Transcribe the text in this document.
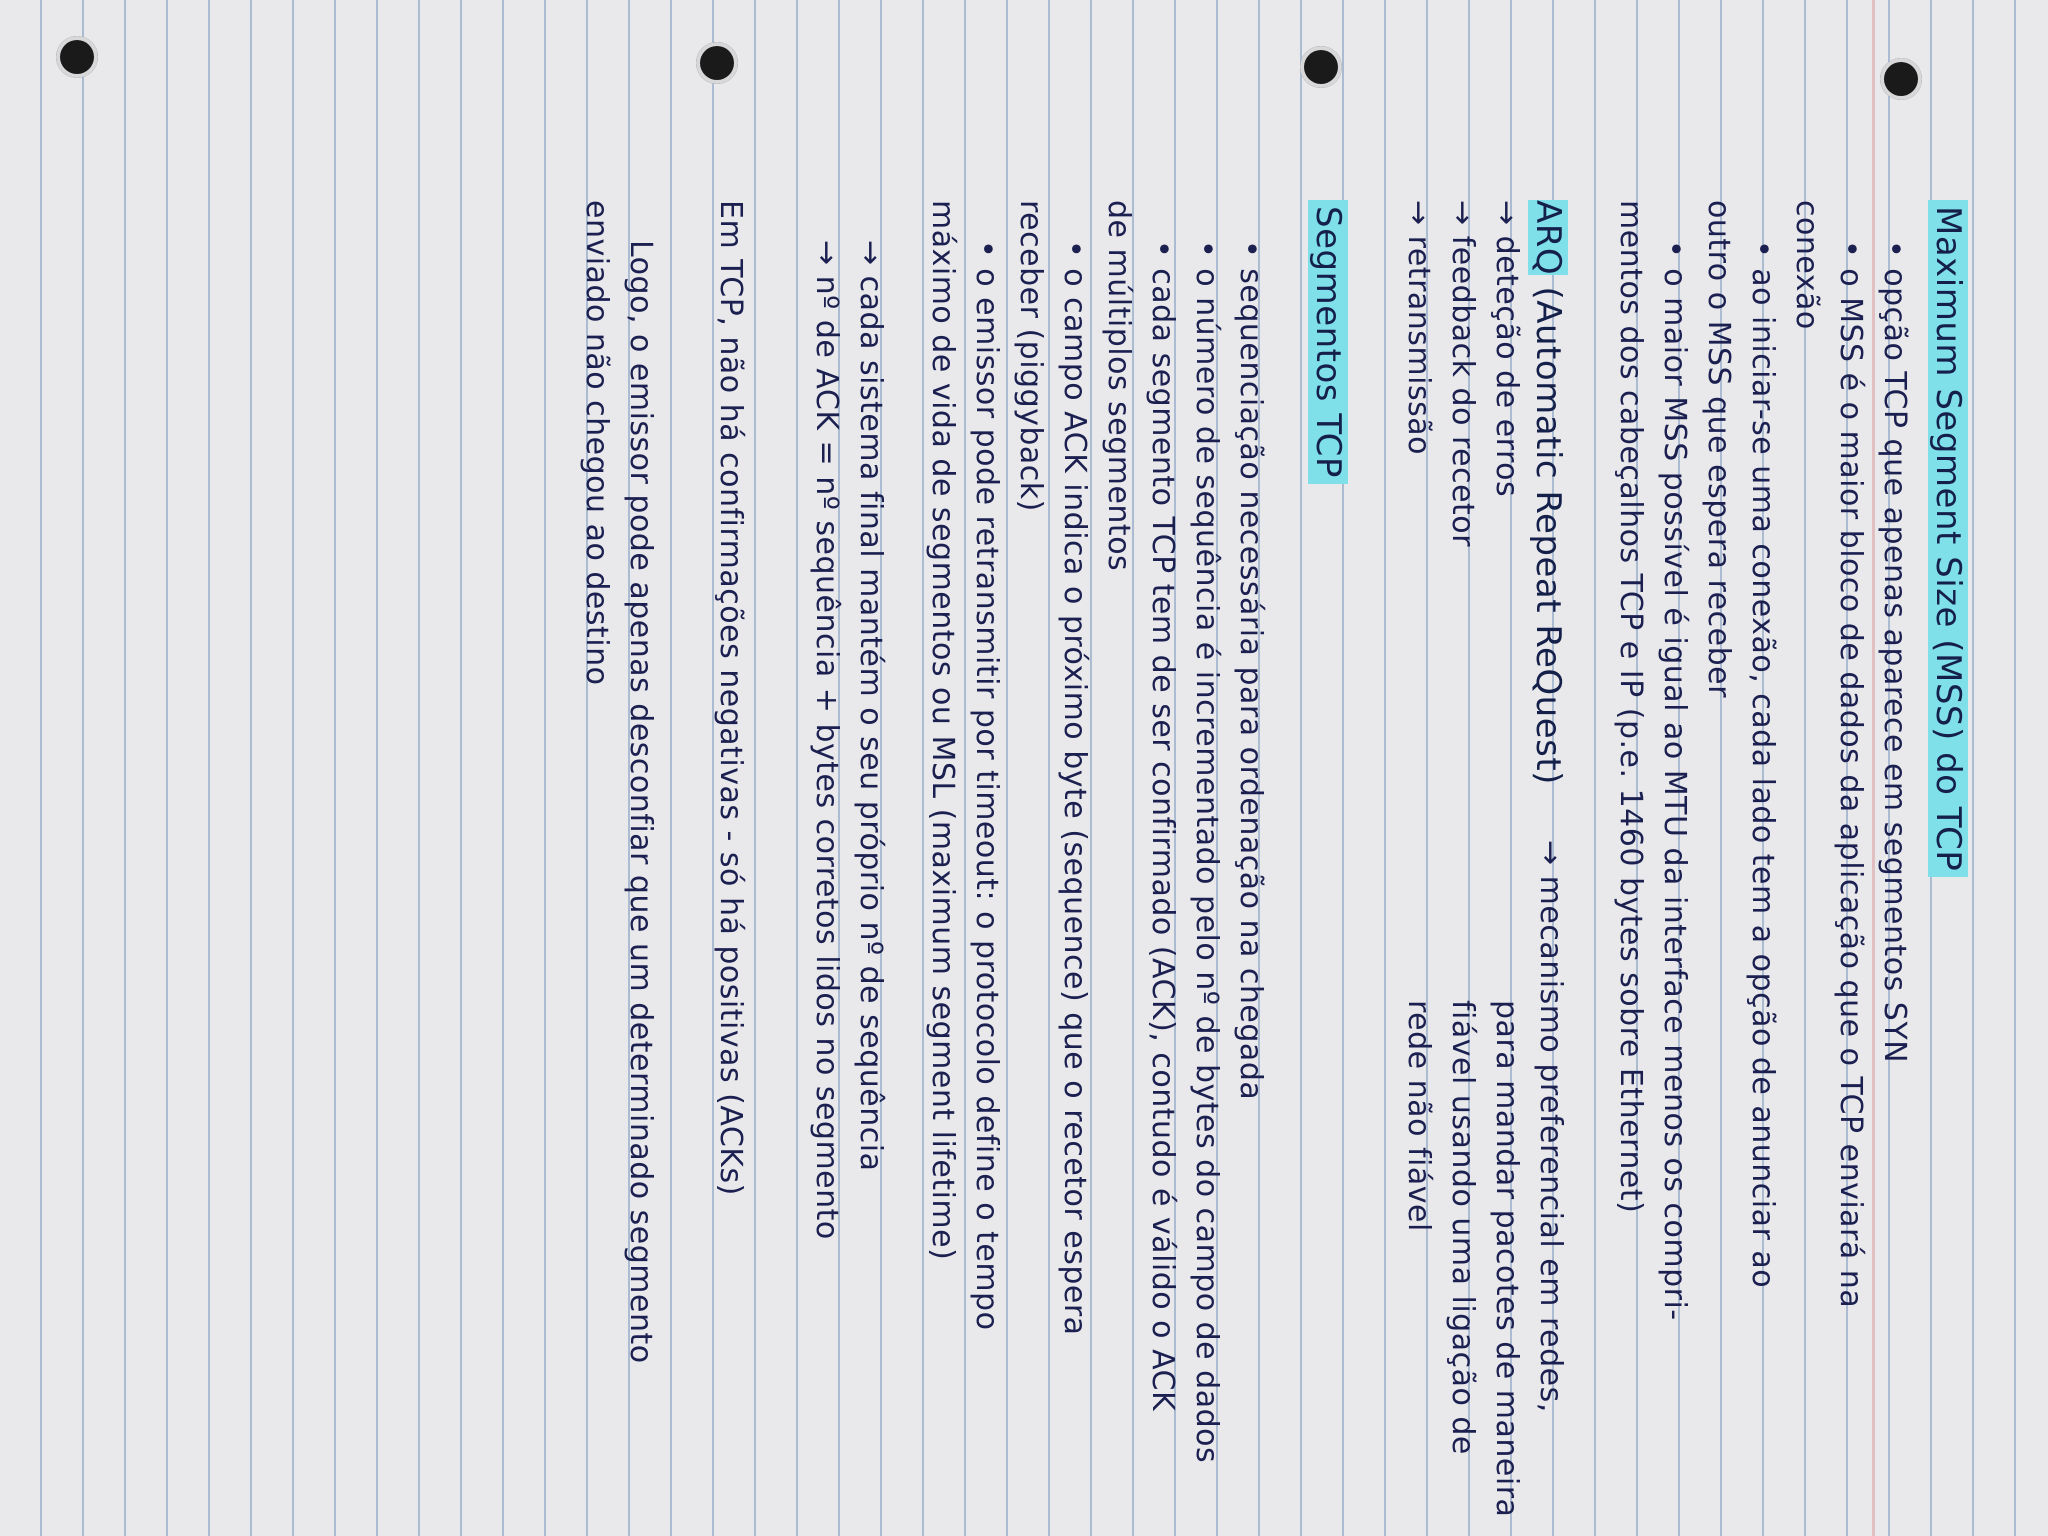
Maximum Segment Size (MSS) do TCP
• opção TCP que apenas aparece em segmentos SYN
• o MSS é o maior bloco de dados da aplicação que o TCP enviará na
conexão
• ao iniciar-se uma conexão, cada lado tem a opção de anunciar ao
outro o MSS que espera receber
• o maior MSS possível é igual ao MTU da interface menos os compri-
mentos dos cabeçalhos TCP e IP (p.e. 1460 bytes sobre Ethernet)
ARQ (Automatic Repeat ReQuest)
→ mecanismo preferencial em redes,
para mandar pacotes de maneira
fiável usando uma ligação de
rede não fiável
→ deteção de erros
→ feedback do recetor
→ retransmissão
Segmentos TCP
• sequenciação necessária para ordenação na chegada
• o número de sequência é incrementado pelo nº de bytes do campo de dados
• cada segmento TCP tem de ser confirmado (ACK), contudo é válido o ACK
de múltiplos segmentos
• o campo ACK indica o próximo byte (sequence) que o recetor espera
receber (piggyback)
• o emissor pode retransmitir por timeout: o protocolo define o tempo
máximo de vida de segmentos ou MSL (maximum segment lifetime)
→ cada sistema final mantém o seu próprio nº de sequência
→ nº de ACK = nº sequência + bytes corretos lidos no segmento
Em TCP, não há confirmações negativas - só há positivas (ACKs)
Logo, o emissor pode apenas desconfiar que um determinado segmento
enviado não chegou ao destino
